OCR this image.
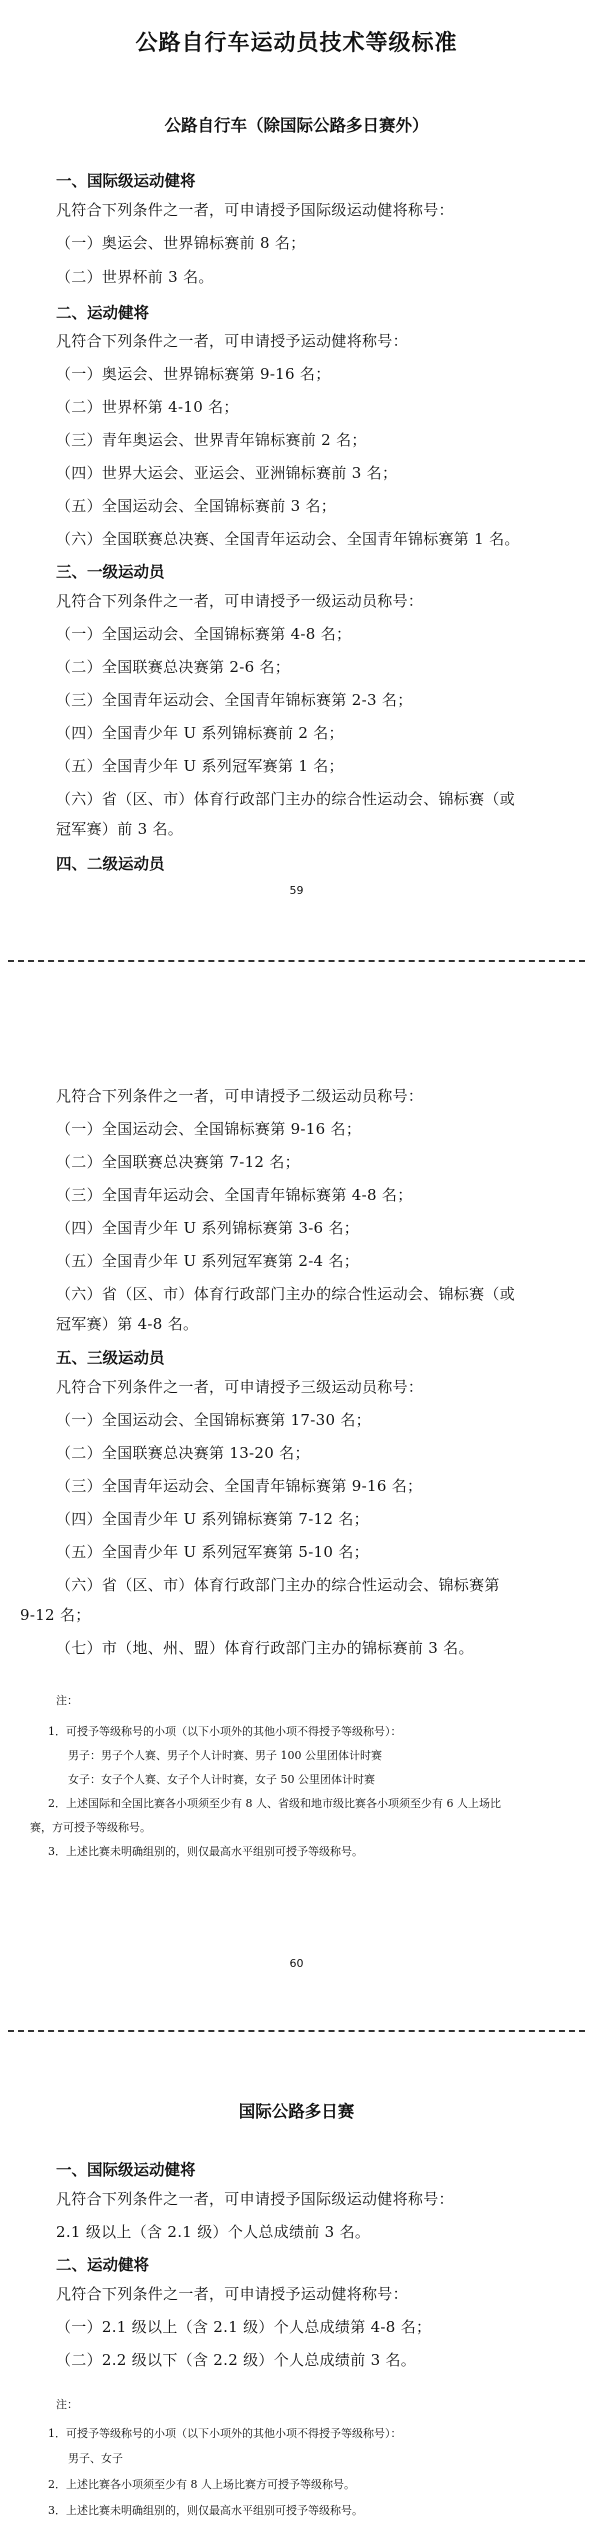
公路自行车运动员技术等级标准
公路自行车（除国际公路多日赛外）
一、国际级运动健将
凡符合下列条件之一者，可申请授予国际级运动健将称号：
（一）奥运会、世界锦标赛前 8 名；
（二）世界杯前 3 名。
二、运动健将
凡符合下列条件之一者，可申请授予运动健将称号：
（一）奥运会、世界锦标赛第 9-16 名；
（二）世界杯第 4-10 名；
（三）青年奥运会、世界青年锦标赛前 2 名；
（四）世界大运会、亚运会、亚洲锦标赛前 3 名；
（五）全国运动会、全国锦标赛前 3 名；
（六）全国联赛总决赛、全国青年运动会、全国青年锦标赛第 1 名。
三、一级运动员
凡符合下列条件之一者，可申请授予一级运动员称号：
（一）全国运动会、全国锦标赛第 4-8 名；
（二）全国联赛总决赛第 2-6 名；
（三）全国青年运动会、全国青年锦标赛第 2-3 名；
（四）全国青少年 U 系列锦标赛前 2 名；
（五）全国青少年 U 系列冠军赛第 1 名；
（六）省（区、市）体育行政部门主办的综合性运动会、锦标赛（或
冠军赛）前 3 名。
四、二级运动员
59
凡符合下列条件之一者，可申请授予二级运动员称号：
（一）全国运动会、全国锦标赛第 9-16 名；
（二）全国联赛总决赛第 7-12 名；
（三）全国青年运动会、全国青年锦标赛第 4-8 名；
（四）全国青少年 U 系列锦标赛第 3-6 名；
（五）全国青少年 U 系列冠军赛第 2-4 名；
（六）省（区、市）体育行政部门主办的综合性运动会、锦标赛（或
冠军赛）第 4-8 名。
五、三级运动员
凡符合下列条件之一者，可申请授予三级运动员称号：
（一）全国运动会、全国锦标赛第 17-30 名；
（二）全国联赛总决赛第 13-20 名；
（三）全国青年运动会、全国青年锦标赛第 9-16 名；
（四）全国青少年 U 系列锦标赛第 7-12 名；
（五）全国青少年 U 系列冠军赛第 5-10 名；
（六）省（区、市）体育行政部门主办的综合性运动会、锦标赛第
9-12 名；
（七）市（地、州、盟）体育行政部门主办的锦标赛前 3 名。
注：
1．可授予等级称号的小项（以下小项外的其他小项不得授予等级称号）：
男子：男子个人赛、男子个人计时赛、男子 100 公里团体计时赛
女子：女子个人赛、女子个人计时赛，女子 50 公里团体计时赛
2．上述国际和全国比赛各小项须至少有 8 人、省级和地市级比赛各小项须至少有 6 人上场比
赛，方可授予等级称号。
3．上述比赛未明确组别的，则仅最高水平组别可授予等级称号。
60
国际公路多日赛
一、国际级运动健将
凡符合下列条件之一者，可申请授予国际级运动健将称号：
2.1 级以上（含 2.1 级）个人总成绩前 3 名。
二、运动健将
凡符合下列条件之一者，可申请授予运动健将称号：
（一）2.1 级以上（含 2.1 级）个人总成绩第 4-8 名；
（二）2.2 级以下（含 2.2 级）个人总成绩前 3 名。
注：
1．可授予等级称号的小项（以下小项外的其他小项不得授予等级称号）：
男子、女子
2．上述比赛各小项须至少有 8 人上场比赛方可授予等级称号。
3．上述比赛未明确组别的，则仅最高水平组别可授予等级称号。
